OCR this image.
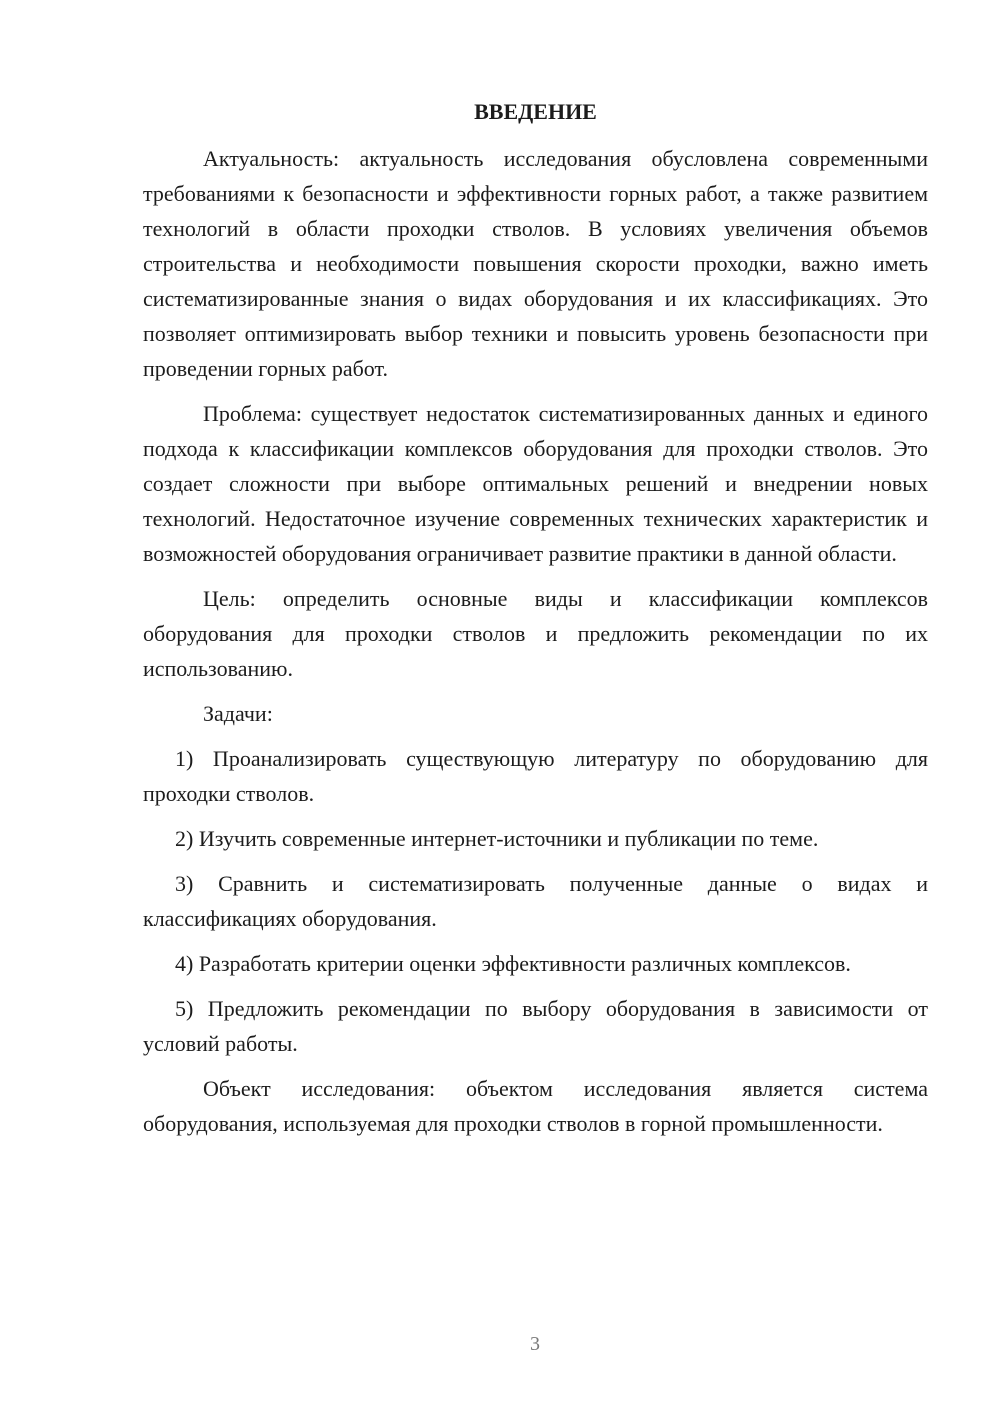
ВВЕДЕНИЕ

Актуальность: актуальность исследования обусловлена современными требованиями к безопасности и эффективности горных работ, а также развитием технологий в области проходки стволов. В условиях увеличения объемов строительства и необходимости повышения скорости проходки, важно иметь систематизированные знания о видах оборудования и их классификациях. Это позволяет оптимизировать выбор техники и повысить уровень безопасности при проведении горных работ.

Проблема: существует недостаток систематизированных данных и единого подхода к классификации комплексов оборудования для проходки стволов. Это создает сложности при выборе оптимальных решений и внедрении новых технологий. Недостаточное изучение современных технических характеристик и возможностей оборудования ограничивает развитие практики в данной области.

Цель: определить основные виды и классификации комплексов оборудования для проходки стволов и предложить рекомендации по их использованию.

Задачи:

1) Проанализировать существующую литературу по оборудованию для проходки стволов.

2) Изучить современные интернет-источники и публикации по теме.

3) Сравнить и систематизировать полученные данные о видах и классификациях оборудования.

4) Разработать критерии оценки эффективности различных комплексов.

5) Предложить рекомендации по выбору оборудования в зависимости от условий работы.

Объект исследования: объектом исследования является система оборудования, используемая для проходки стволов в горной промышленности.

3
